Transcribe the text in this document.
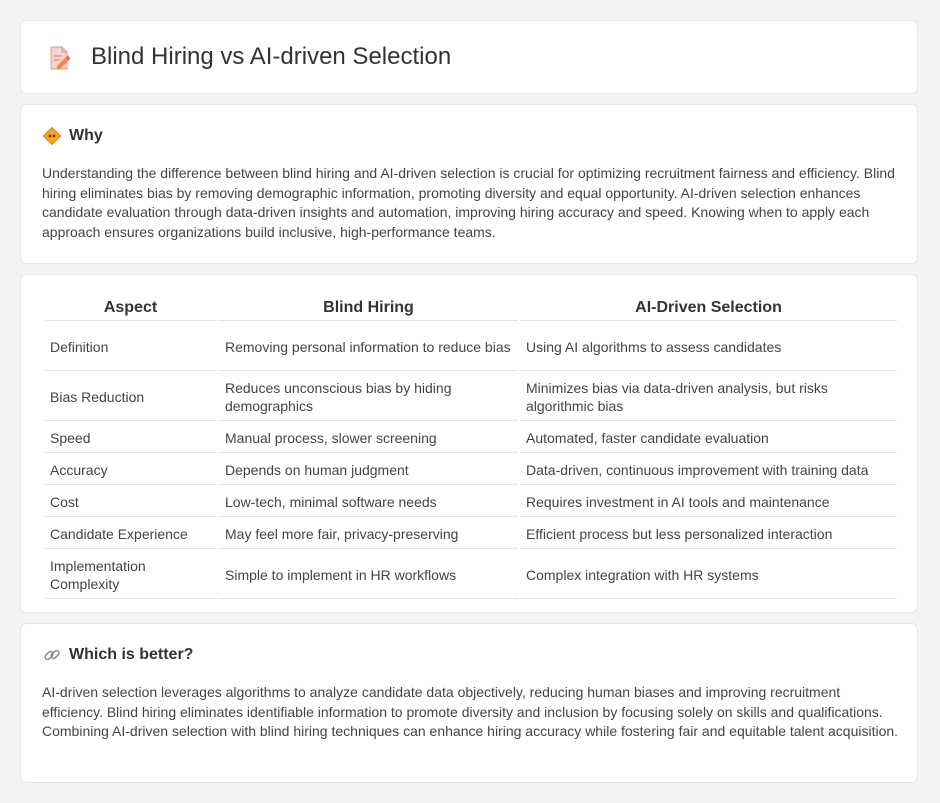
Blind Hiring vs AI-driven Selection
Why

Understanding the difference between blind hiring and AI-driven selection is crucial for optimizing recruitment fairness and efficiency. Blind hiring eliminates bias by removing demographic information, promoting diversity and equal opportunity. AI-driven selection enhances candidate evaluation through data-driven insights and automation, improving hiring accuracy and speed. Knowing when to apply each approach ensures organizations build inclusive, high-performance teams.

Aspect	Blind Hiring	AI-Driven Selection
Definition	Removing personal information to reduce bias	Using AI algorithms to assess candidates
Bias Reduction	Reduces unconscious bias by hiding demographics	Minimizes bias via data-driven analysis, but risks algorithmic bias
Speed	Manual process, slower screening	Automated, faster candidate evaluation
Accuracy	Depends on human judgment	Data-driven, continuous improvement with training data
Cost	Low-tech, minimal software needs	Requires investment in AI tools and maintenance
Candidate Experience	May feel more fair, privacy-preserving	Efficient process but less personalized interaction
Implementation Complexity	Simple to implement in HR workflows	Complex integration with HR systems
Which is better?

AI-driven selection leverages algorithms to analyze candidate data objectively, reducing human biases and improving recruitment efficiency. Blind hiring eliminates identifiable information to promote diversity and inclusion by focusing solely on skills and qualifications. Combining AI-driven selection with blind hiring techniques can enhance hiring accuracy while fostering fair and equitable talent acquisition.
